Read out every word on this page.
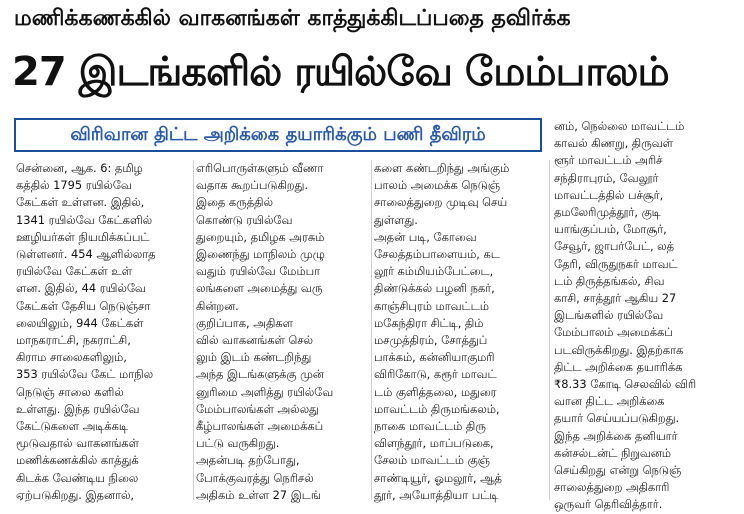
மணிக்கணக்கில் வாகனங்கள் காத்துக்கிடப்பதை தவிர்க்க
27 இடங்களில் ரயில்வே மேம்பாலம்
விரிவான திட்ட அறிக்கை தயாரிக்கும் பணி தீவிரம்
சென்னை, ஆக. 6: தமிழ
கத்தில் 1795 ரயில்வே
கேட்கள் உள்ளன. இதில்,
1341 ரயில்வே கேட்களில்
ஊழியர்கள் நியமிக்கப்பட்
டுள்ளனர். 454 ஆளில்லாத
ரயில்வே கேட்கள் உள்
ளன. இதில், 44 ரயில்வே
கேட்கள் தேசிய நெடுஞ்சா
லையிலும், 944 கேட்கள்
மாநகராட்சி, நகராட்சி,
கிராம சாலைகளிலும்,
353 ரயில்வே கேட் மாநில
நெடுஞ் சாலை களில்
உள்ளது. இந்த ரயில்வே
கேட்டுகளை அடிக்கடி
மூடுவதால் வாகனங்கள்
மணிக்கணக்கில் காத்துக்
கிடக்க வேண்டிய நிலை
ஏற்படுகிறது. இதனால்,
எரிபொருள்களும் வீணா
வதாக கூறப்படுகிறது.
இதை கருத்தில்
கொண்டு ரயில்வே
துறையும், தமிழக அரசும்
இணைந்து மாநிலம் முழு
வதும் ரயில்வே மேம்பா
லங்களை அமைத்து வரு
கின்றன.
குறிப்பாக, அதிகள
வில் வாகனங்கள் செல்
லும் இடம் கண்டறிந்து
அந்த இடங்களுக்கு முன்
னுரிமை அளித்து ரயில்வே
மேம்பாலங்கள் அல்லது
கீழ்பாலங்கள் அமைக்கப்
பட்டு வருகிறது.
அதன்படி தற்போது,
போக்குவரத்து நெரிசல்
அதிகம் உள்ள 27 இடங்
களை கண்டறிந்து அங்கும்
பாலம் அமைக்க நெடுஞ்
சாலைத்துறை முடிவு செய்
துள்ளது.
அதன் படி, கோவை
சேலத்தம்பாளையம், கட
லூர் கம்மியம்பேட்டை,
திண்டுக்கல் பழனி நகர்,
காஞ்சிபுரம் மாவட்டம்
மகேந்திரா சிட்டி, திம்
மசமுத்திரம், சோத்துப்
பாக்கம், கன்னியாகுமரி
விரிகோடு, கரூர் மாவட்
டம் குளித்தலை, மதுரை
மாவட்டம் திருமங்கலம்,
நாகை மாவட்டம் திரு
விளந்தூர், மாப்படுகை,
சேலம் மாவட்டம் குஞ்
சாண்டியூர், ஓமலூர், ஆத்
தூர், அயோத்தியா பட்டி
னம், நெல்லை மாவட்டம்
காவல் கிணறு, திருவள்
ளூர் மாவட்டம் அரிச்
சந்திராபுரம், வேலூர்
மாவட்டத்தில் பச்சூர்,
தமலேரிமுத்தூர், குடி
யாங்குப்பம், மோசூர்,
சேவூர், ஜாபர்பேட், லத்
தேரி, விருதுநகர் மாவட்
டம் திருத்தங்கல், சிவ
காசி, சாத்தூர் ஆகிய 27
இடங்களில் ரயில்வே
மேம்பாலம் அமைக்கப்
படவிருக்கிறது. இதற்காக
திட்ட அறிக்கை தயாரிக்க
₹8.33 கோடி செலவில் விரி
வான திட்ட அறிக்கை
தயார் செய்யப்படுகிறது.
இந்த அறிக்கை தனியார்
கன்சல்டன்ட் நிறுவனம்
செய்கிறது என்று நெடுஞ்
சாலைத்துறை அதிகாரி
ஒருவர் தெரிவித்தார்.
